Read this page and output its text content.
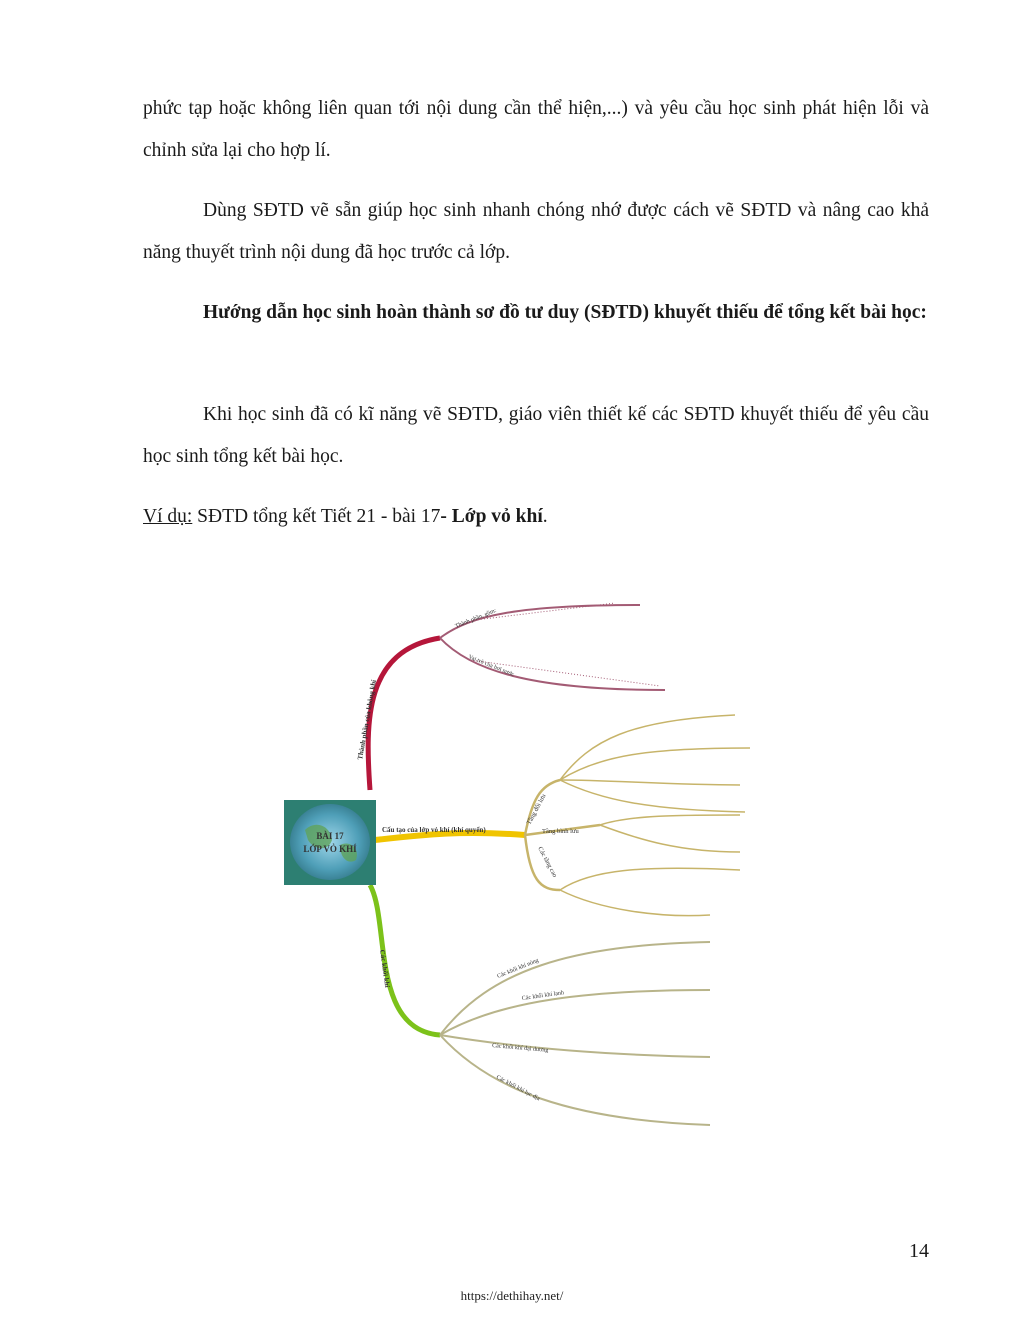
phức tạp hoặc không liên quan tới nội dung cần thể hiện,...) và yêu cầu học sinh phát hiện lỗi và chỉnh sửa lại cho hợp lí.

Dùng SĐTD vẽ sẵn giúp học sinh nhanh chóng nhớ được cách vẽ SĐTD và nâng cao khả năng thuyết trình nội dung đã học trước cả lớp.

Hướng dẫn học sinh hoàn thành sơ đồ tư duy (SĐTD) khuyết thiếu để tổng kết bài học:

Khi học sinh đã có kĩ năng vẽ SĐTD, giáo viên thiết kế các SĐTD khuyết thiếu để yêu cầu học sinh tổng kết bài học.

Ví dụ: SĐTD tổng kết Tiết 21 - bài 17- Lớp vỏ khí.

BÀI 17
LỚP VỎ KHÍ
Thành phần của không khí
Thành phần, gồm:
Vai trò của hơi nước
Cấu tạo của lớp vỏ khí (khí quyển)
Tầng đối lưu
Tầng bình lưu
Các tầng cao
Các khối khí	Các khối khí nóng
Các khối khí lạnh
Các khối khí đại dương
Các khối khí lục địa
14
https://dethihay.net/
